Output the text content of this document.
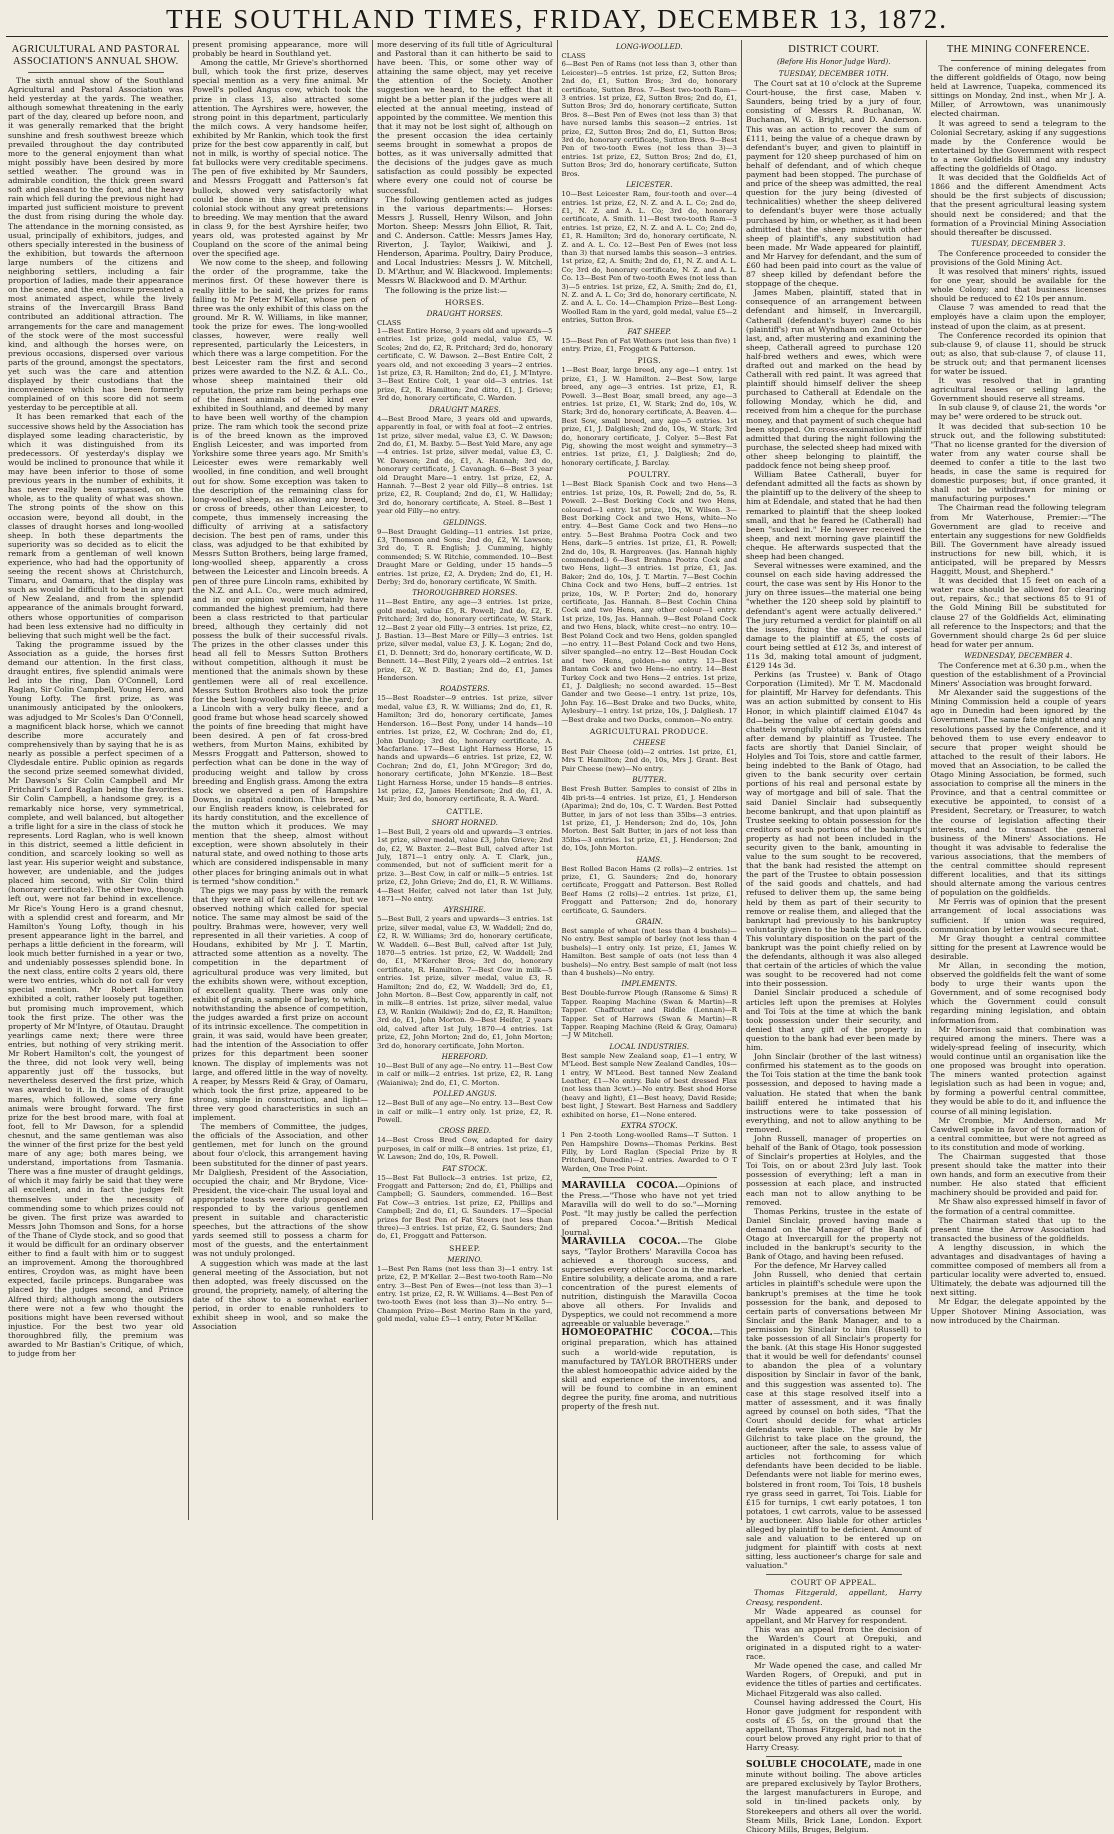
THE SOUTHLAND TIMES, FRIDAY, DECEMBER 13, 1872.
AGRICULTURAL AND PASTORAL ASSOCIATION'S ANNUAL SHOW.

The sixth annual show of the Southland Agricultural and Pastoral Association was held yesterday at the yards. The weather, although somewhat threatening in the early part of the day, cleared up before noon, and it was generally remarked that the bright sunshine and fresh southwest breeze which prevailed throughout the day contributed more to the general enjoyment than what might possibly have been desired by more settled weather. The ground was in admirable condition, the thick green sward soft and pleasant to the foot, and the heavy rain which fell during the previous night had imparted just sufficient moisture to prevent the dust from rising during the whole day. The attendance in the morning consisted, as usual, principally of exhibitors, judges, and others specially interested in the business of the exhibition, but towards the afternoon large numbers of the citizens and neighboring settlers, including a fair proportion of ladies, made their appearance on the scene, and the enclosure presented a most animated aspect, while the lively strains of the Invercargill Brass Band contributed an additional attraction. The arrangements for the care and management of the stock were of the most successful kind, and although the horses were, on previous occasions, dispersed over various parts of the ground, amongst the spectators, yet such was the care and attention displayed by their custodians that the inconvenience which has been formerly complained of on this score did not seem yesterday to be perceptible at all.

It has been remarked that each of the successive shows held by the Association has displayed some leading characteristic, by which it was distinguished from its predecessors. Of yesterday's display we would be inclined to pronounce that while it may have been inferior to those of some previous years in the number of exhibits, it has never really been surpassed, on the whole, as to the quality of what was shown. The strong points of the show on this occasion were, beyond all doubt, in the classes of draught horses and long-woolled sheep. In both these departments the superiority was so decided as to elicit the remark from a gentleman of well known experience, who had had the opportunity of seeing the recent shows at Christchurch, Timaru, and Oamaru, that the display was such as would be difficult to beat in any part of New Zealand, and from the splendid appearance of the animals brought forward, others whose opportunities of comparison had been less extensive had no difficulty in believing that such might well be the fact.

Taking the programme issued by the Association as a guide, the horses first demand our attention. In the first class, draught entires, five splendid animals were led into the ring, Dan O'Connell, Lord Raglan, Sir Colin Campbell, Young Hero, and Young Lofty. The first prize, as was unanimously anticipated by the onlookers, was adjudged to Mr Scoles's Dan O'Connell, a magnificent black horse, which we cannot describe more accurately and comprehensively than by saying that he is as nearly as possible a perfect specimen of a Clydesdale entire. Public opinion as regards the second prize seemed somewhat divided, Mr Dawson's Sir Colin Campbell and Mr Pritchard's Lord Raglan being the favorites. Sir Colin Campbell, a handsome grey, is a remarkably nice horse, very symmetrical, complete, and well balanced, but altogether a trifle light for a sire in the class of stock he represents. Lord Raglan, who is well known in this district, seemed a little deficient in condition, and scarcely looking so well as last year. His superior weight and substance, however, are undeniable, and the judges placed him second, with Sir Colin third (honorary certificate). The other two, though left out, were not far behind in excellence. Mr Rice's Young Hero is a grand chesnut, with a splendid crest and forearm, and Mr Hamilton's Young Lofty, though in his present appearance light in the barrel, and perhaps a little deficient in the forearm, will look much better furnished in a year or two, and undeniably possesses splendid bone. In the next class, entire colts 2 years old, there were two entries, which do not call for very special mention. Mr Robert Hamilton exhibited a colt, rather loosely put together, but promising much improvement, which took the first prize. The other was the property of Mr M'Intyre, of Otautau. Draught yearlings came next; there were three entries, but nothing of very striking merit. Mr Robert Hamilton's colt, the youngest of the three, did not look very well, being apparently just off the tussocks, but nevertheless deserved the first prize, which was awarded to it. In the class of draught mares, which followed, some very fine animals were brought forward. The first prize for the best brood mare, with foal at foot, fell to Mr Dawson, for a splendid chesnut, and the same gentleman was also the winner of the first prize for the best yeld mare of any age; both mares being, we understand, importations from Tasmania. There was a fine muster of draught geldings, of which it may fairly be said that they were all excellent, and in fact the judges felt themselves under the necessity of commending some to which prizes could not be given. The first prize was awarded to Messrs John Thomson and Sons, for a horse of the Thane of Clyde stock, and so good that it would be difficult for an ordinary observer either to find a fault with him or to suggest an improvement. Among the thoroughbred entires, Croydon was, as might have been expected, facile princeps. Bungarabee was placed by the judges second, and Prince Alfred third; although among the outsiders there were not a few who thought the positions might have been reversed without injustice. For the best two year old thoroughbred filly, the premium was awarded to Mr Bastian's Critique, of which, to judge from her

present promising appearance, more will probably be heard in Southland yet.

Among the cattle, Mr Grieve's shorthorned bull, which took the first prize, deserves special mention as a very fine animal. Mr Powell's polled Angus cow, which took the prize in class 13, also attracted some attention. The Ayrshires were, however, the strong point in this department, particularly the milch cows. A very handsome heifer, exhibited by Mr Rankin, which took the first prize for the best cow apparently in calf, but not in milk, is worthy of special notice. The fat bullocks were very creditable specimens. The pen of five exhibited by Mr Saunders, and Messrs Froggatt and Patterson's fat bullock, showed very satisfactorily what could be done in this way with ordinary colonial stock without any great pretensions to breeding. We may mention that the award in class 9, for the best Ayrshire heifer, two years old, was protested against by Mr Coupland on the score of the animal being over the specified age.

We now come to the sheep, and following the order of the programme, take the merinos first. Of these however there is really little to be said, the prizes for rams falling to Mr Peter M'Kellar, whose pen of three was the only exhibit of this class on the ground. Mr R. W. Williams, in like manner, took the prize for ewes. The long-woolled classes, however, were really well represented, particularly the Leicesters, in which there was a large competition. For the best Leicester ram the first and second prizes were awarded to the N.Z. & A.L. Co., whose sheep maintained their old reputation, the prize ram being perhaps one of the finest animals of the kind ever exhibited in Southland, and deemed by many to have been well worthy of the champion prize. The ram which took the second prize is of the breed known as the improved English Leicester, and was imported from Yorkshire some three years ago. Mr Smith's Leicester ewes were remarkably well woolled, in fine condition, and well brought out for show. Some exception was taken to the description of the remaining class for long-woolled sheep, as allowing any breed, or cross of breeds, other than Leicester, to compete, thus immensely increasing the difficulty of arriving at a satisfactory decision. The best pen of rams, under this class, was adjudged to be that exhibited by Messrs Sutton Brothers, being large framed, long-woolled sheep, apparently a cross between the Leicester and Lincoln breeds. A pen of three pure Lincoln rams, exhibited by the N.Z. and A.L. Co., were much admired, and in our opinion would certainly have commanded the highest premium, had there been a class restricted to that particular breed, although they certainly did not possess the bulk of their successful rivals. The prizes in the other classes under this head all fell to Messrs Sutton Brothers without competition, although it must be mentioned that the animals shown by these gentlemen were all of real excellence. Messrs Sutton Brothers also took the prize for the best long-woolled ram in the yard; for a Lincoln with a very bulky fleece, and a good frame but whose head scarcely showed the points of fine breeding that might have been desired. A pen of fat cross-bred wethers, from Murton Mains, exhibited by Messrs Froggatt and Patterson, showed to perfection what can be done in the way of producing weight and tallow by cross breeding and English grass. Among the extra stock we observed a pen of Hampshire Downs, in capital condition. This breed, as our English readers know, is celebrated for its hardy constitution, and the excellence of the mutton which it produces. We may mention that the sheep, almost without exception, were shown absolutely in their natural state, and owed nothing to those arts which are considered indispensable in many other places for bringing animals out in what is termed "show condition."

The pigs we may pass by with the remark that they were all of fair excellence, but we observed nothing which called for special notice. The same may almost be said of the poultry. Brahmas were, however, very well represented in all their varieties. A coop of Houdans, exhibited by Mr J. T. Martin, attracted some attention as a novelty. The competition in the department of agricultural produce was very limited, but the exhibits shown were, without exception, of excellent quality. There was only one exhibit of grain, a sample of barley, to which, notwithstanding the absence of competition, the judges awarded a first prize on account of its intrinsic excellence. The competition in grain, it was said, would have been greater, had the intention of the Association to offer prizes for this department been sooner known. The display of implements was not large, and offered little in the way of novelty. A reaper, by Messrs Reid & Gray, of Oamaru, which took the first prize, appeared to be strong, simple in construction, and light—three very good characteristics in such an implement.

The members of Committee, the judges, the officials of the Association, and other gentlemen, met for lunch on the ground about four o'clock, this arrangement having been substituted for the dinner of past years. Mr Dalgliesh, President of the Association, occupied the chair, and Mr Brydone, Vice-President, the vice-chair. The usual loyal and appropriate toasts were duly proposed and responded to by the various gentlemen present in suitable and characteristic speeches, but the attractions of the show yards seemed still to possess a charm for most of the guests, and the entertainment was not unduly prolonged.

A suggestion which was made at the last general meeting of the Association, but not then adopted, was freely discussed on the ground, the propriety, namely, of altering the date of the show to a somewhat earlier period, in order to enable runholders to exhibit sheep in wool, and so make the Association

more deserving of its full title of Agricultural and Pastoral than it can hitherto be said to have been. This, or some other way of attaining the same object, may yet receive the attention of the Society. Another suggestion we heard, to the effect that it might be a better plan if the judges were all elected at the annual meeting, instead of appointed by the committee. We mention this that it may not be lost sight of, although on the present occasion the idea certainly seems brought in somewhat a propos de bottes, as it was universally admitted that the decisions of the judges gave as much satisfaction as could possibly be expected where every one could not of course be successful.

The following gentlemen acted as judges in the various departments:— Horses: Messrs J. Russell, Henry Wilson, and John Morton. Sheep: Messrs John Elliot, R. Tait, and C. Anderson. Cattle: Messrs James Hay, Riverton, J. Taylor, Waikiwi, and J. Henderson, Aparima. Poultry, Dairy Produce, and Local Industries: Messrs J. W. Mitchell, D. M'Arthur, and W. Blackwood. Implements: Messrs W. Blackwood and D. M'Arthur.

The following is the prize list:—

HORSES.
DRAUGHT HORSES.

CLASS

1—Best Entire Horse, 3 years old and upwards—5 entries. 1st prize, gold medal, value £5, W. Scoles; 2nd do, £2, R. Pritchard; 3rd do, honorary certificate, C. W. Dawson. 2—Best Entire Colt, 2 years old, and not exceeding 3 years—2 entries. 1st prize, £3, R. Hamilton; 2nd do, £1, J. M'Intyre. 3—Best Entire Colt, 1 year old—3 entries. 1st prize, £2, R. Hamilton; 2nd ditto, £1, J. Grieve; 3rd do, honorary certificate, C. Warden.

DRAUGHT MARES.

4—Best Brood Mare, 3 years old and upwards, apparently in foal, or with foal at foot—2 entries. 1st prize, silver medal, value £3, C. W. Dawson; 2nd do, £1, M. Baxby. 5—Best Yeld Mare, any age—4 entries. 1st prize, silver medal, value £3, C. W. Dawson; 2nd do, £1, A. Hannah; 3rd do, honorary certificate, J. Cavanagh. 6—Best 3 year old Draught Mare—1 entry. 1st prize, £2, A. Hannah. 7—Best 2 year old Filly—8 entries. 1st prize, £2, R. Coupland; 2nd do, £1, W. Halliday; 3rd do, honorary certificate, A. Steel. 8—Best 1 year old Filly—no entry.

GELDINGS.

9—Best Draught Gelding—11 entries. 1st prize, £3, Thomson and Sons; 2nd do, £2, W. Lawson; 3rd do, T. R. English; J. Cumming, highly commended; S. W. Ritchie, commended. 10—Best Draught Mare or Gelding, under 15 hands—5 entries. 1st prize, £2, A. Dryden; 2nd do, £1, H. Derby; 3rd do, honorary certificate, W. Smith.

THOROUGHBRED HORSES.

11—Best Entire, any age—3 entries. 1st prize, gold medal, value £5, R. Powell; 2nd do, £2, E. Pritchard; 3rd do, honorary certificate, W. Stark. 12—Best 2 year old Filly—3 entries. 1st prize, £2, J. Bastian. 13—Best Mare or Filly—3 entries. 1st prize, silver medal, value £3, J. K. Logan; 2nd do, £1, D. Dennett; 3rd do, honorary certificate, W. D. Bennett. 14—Best Filly, 2 years old—2 entries. 1st prize, £2, W. D. Bastian; 2nd do, £1, James Henderson.

ROADSTERS.

15—Best Roadster—9 entries. 1st prize, silver medal, value £3, R. W. Williams; 2nd do, £1, R. Hamilton; 3rd do, honorary certificate, James Henderson. 16—Best Pony, under 14 hands—10 entries. 1st prize, £2, W. Cochran; 2nd do, £1, John Dunlop; 3rd do, honorary certificate, A. Macfarlane. 17—Best Light Harness Horse, 15 hands and upwards—6 entries. 1st prize, £2, W. Cochran; 2nd do, £1, John M'Gregor; 3rd do, honorary certificate, John M'Kenzie. 18—Best Light Harness Horse, under 15 hands—8 entries. 1st prize, £2, James Henderson; 2nd do, £1, A. Muir; 3rd do, honorary certificate, R. A. Ward.

CATTLE.
SHORT HORNED.

1—Best Bull, 2 years old and upwards—3 entries. 1st prize, silver medal, value £3, John Grieve; 2nd do, £2, W. Baxter. 2—Best Bull, calved after 1st July, 1871—1 entry only. A. T. Clark, jun., commended, but not of sufficient merit for a prize. 3—Best Cow, in calf or milk—5 entries. 1st prize, £2, John Grieve; 2nd do, £1, R. W. Williams. 4—Best Heifer, calved not later than 1st July, 1871—No entry.

AYRSHIRE.

5—Best Bull, 2 years and upwards—3 entries. 1st prize, silver medal, value £3, W. Waddell; 2nd do, £2, R. W. Williams; 3rd do, honorary certificate, W. Waddell. 6—Best Bull, calved after 1st July, 1870—5 entries. 1st prize, £2, W. Waddell; 2nd do, £1, M'Kercher Bros; 3rd do, honorary certificate, R. Hamilton. 7—Best Cow in milk—5 entries. 1st prize, silver medal, value £3, R. Hamilton; 2nd do, £2, W. Waddell; 3rd do, £1, John Morton. 8—Best Cow, apparently in calf, not in milk—8 entries. 1st prize, silver medal, value £3, W. Rankin (Waikiwi); 2nd do, £2, R. Hamilton; 3rd do, £1, John Morton. 9—Best Heifer, 2 years old, calved after 1st July, 1870—4 entries. 1st prize, £2, John Morton; 2nd do, £1, John Morton; 3rd do, honorary certificate, John Morton.

HEREFORD.

10—Best Bull of any age—No entry. 11—Best Cow in calf or milk—2 entries. 1st prize, £2, R. Lang (Waianiwa); 2nd do, £1, C. Morton.

POLLED ANGUS.

12—Best Bull of any age—No entry. 13—Best Cow in calf or milk—1 entry only. 1st prize, £2, R. Powell.

CROSS BRED.

14—Best Cross Bred Cow, adapted for dairy purposes, in calf or milk—8 entries. 1st prize, £1, W. Lawson; 2nd do, 10s, R. Powell.

FAT STOCK.

15—Best Fat Bullock—3 entries. 1st prize, £2, Froggatt and Patterson; 2nd do, £1, Phillips and Campbell; G. Saunders, commended. 16—Best Fat Cow—3 entries. 1st prize, £2, Phillips and Campbell; 2nd do, £1, G. Saunders. 17—Special prizes for Best Pen of Fat Steers (not less than three)—3 entries. 1st prize, £2, G. Saunders; 2nd do, £1, Froggatt and Patterson.

SHEEP.
MERINO.

1—Best Pen Rams (not less than 3)—1 entry. 1st prize, £2, P. M'Kellar. 2—Best two-tooth Ram—No entry. 3—Best Pen of Ewes—(not less than 3)—1 entry. 1st prize, £2, R. W. Williams. 4—Best Pen of two-tooth Ewes (not less than 3)—No entry. 5—Champion Prize—Best Merino Ram in the yard, gold medal, value £5—1 entry, Peter M'Kellar.

LONG-WOOLLED.

CLASS

6—Best Pen of Rams (not less than 3, other than Leicester)—5 entries. 1st prize, £2, Sutton Bros; 2nd do, £1, Sutton Bros; 3rd do, honorary certificate, Sutton Bros. 7—Best two-tooth Ram—3 entries. 1st prize, £2, Sutton Bros; 2nd do, £1, Sutton Bros; 3rd do, honorary certificate, Sutton Bros. 8—Best Pen of Ewes (not less than 3) that have nursed lambs this season—2 entries. 1st prize, £2, Sutton Bros; 2nd do, £1, Sutton Bros; 3rd do, honorary certificate, Sutton Bros. 9—Best Pen of two-tooth Ewes (not less than 3)—3 entries. 1st prize, £2, Sutton Bros; 2nd do, £1, Sutton Bros; 3rd do, honorary certificate, Sutton Bros.

LEICESTER.

10—Best Leicester Ram, four-tooth and over—4 entries. 1st prize, £2, N. Z. and A. L. Co; 2nd do, £1, N. Z. and A. L. Co; 3rd do, honorary certificate, A. Smith. 11—Best two-tooth Ram—3 entries. 1st prize, £2, N. Z. and A. L. Co; 2nd do, £1, R. Hamilton; 3rd do, honorary certificate, N. Z. and A. L. Co. 12—Best Pen of Ewes (not less than 3) that nursed lambs this season—3 entries. 1st prize, £2, A. Smith; 2nd do, £1, N. Z. and A. L. Co; 3rd do, honorary certificate, N. Z. and A. L. Co. 13—Best Pen of two-tooth Ewes (not less than 3)—5 entries. 1st prize, £2, A. Smith; 2nd do, £1, N. Z. and A. L. Co; 3rd do, honorary certificate, N. Z. and A. L. Co. 14—Champion Prize—Best Long-Woolled Ram in the yard, gold medal, value £5—2 entries, Sutton Bros.

FAT SHEEP.

15—Best Pen of Fat Wethers (not less than five) 1 entry. Prize, £1, Froggatt & Patterson.

PIGS.

1—Best Boar, large breed, any age—1 entry. 1st prize, £1, J. W. Hamilton. 2—Best Sow, large breed, any age—3 entries. 1st prize, £1, R. Powell. 3—Best Boar, small breed, any age—3 entries. 1st prize, £1, W. Stark; 2nd do, 10s, W. Stark; 3rd do, honorary certificate, A. Beaven. 4—Best Sow, small breed, any age—5 entries. 1st prize, £1, J. Dalgliesh; 2nd do, 10s, W. Stark; 3rd do, honorary certificate, J. Colyer. 5—Best Fat Pig, showing the most weight and symmetry—3 entries. 1st prize, £1, J. Dalgliesh; 2nd do, honorary certificate, J. Barclay.

POULTRY.

1—Best Black Spanish Cock and two Hens—3 entries. 1st prize, 10s, R. Powell; 2nd do, 5s, R. Powell. 2—Best Dorking Cock and two Hens, coloured—1 entry. 1st prize, 10s, W. Wilson. 3—Best Dorking Cock and two Hens, white—No entry. 4—Best Game Cock and two Hens—no entry. 5—Best Brahma Pootra Cock and two Hens, dark—5 entries. 1st prize, £1, R. Powell; 2nd do, 10s, R. Hargreaves. (Jas. Hannah highly commended.) 6—Best Brahma Pootra Cock and two Hens, light—3 entries. 1st prize, £1, Jas. Baker; 2nd do, 10s, J. T. Martin. 7—Best Cochin China Cock and two Hens, buff—2 entries. 1st prize, 10s, W. P. Porter; 2nd do, honorary certificate, Jas. Hannah. 8—Best Cochin China Cock and two Hens, any other colour—1 entry. 1st prize, 10s, Jas. Hannah. 9—Best Poland Cock and two Hens, black, white crest—no entry. 10—Best Poland Cock and two Hens, golden spangled—no entry. 11—Best Poland Cock and two Hens, silver spangled—no entry. 12—Best Houdan Cock and two Hens, golden—no entry. 13—Best Bantam Cock and two Hens—no entry. 14—Best Turkey Cock and two Hens—2 entries. 1st prize, £1, J. Dalgliesh; no second awarded. 15—Best Gander and two Geese—1 entry. 1st prize, 10s, John Fay. 16—Best Drake and two Ducks, white, Aylesbury—1 entry. 1st prize, 10s, J. Dalgliesh. 17—Best drake and two Ducks, common—No entry.

AGRICULTURAL PRODUCE.
CHEESE

Best Pair Cheese (old)—2 entries. 1st prize, £1, Mrs T. Hamilton; 2nd do, 10s, Mrs J. Grant. Best Pair Cheese (new)—No entry.

BUTTER.

Best Fresh Butter. Samples to consist of 2lbs in 4lb pri-ts—4 entries. 1st prize, £1, J. Henderson (Aparima); 2nd do, 10s, C. T. Warden. Best Potted Butter, in jars of not less than 35lbs—3 entries. 1st prize, £1, J. Henderson; 2nd do, 10s, John Morton. Best Salt Butter, in jars of not less than 35lbs—3 entries. 1st prize, £1, J. Henderson; 2nd do, 10s, John Morton.

HAMS.

Best Rolled Bacon Hams (2 rolls)—2 entries. 1st prize, £1, G. Saunders; 2nd do, honorary certificate, Froggatt and Patterson. Best Rolled Beef Hams (2 rolls)—2 entries. 1st prize, £1, Froggatt and Patterson; 2nd do, honorary certificate, G. Saunders.

GRAIN.

Best sample of wheat (not less than 4 bushels)—No entry. Best sample of barley (not less than 4 bushels)—1 entry only. 1st prize, £1, James W. Hamilton. Best sample of oats (not less than 4 bushels)—No entry. Best sample of malt (not less than 4 bushels)—No entry.

IMPLEMENTS.

Best Double-furrow Plough (Ransome & Sims) R Tapper. Reaping Machine (Swan & Martin)—R Tapper. Chaffcutter and Riddle (Lennan)—R Tapper. Set of Harrows (Swan & Martin)—R Tapper. Reaping Machine (Reid & Gray, Oamaru)—J W Mitchell.

LOCAL INDUSTRIES.

Best sample New Zealand soap, £1—1 entry, W M'Leod. Best sample New Zealand Candles, 10s—1 entry, W M'Leod. Best tanned New Zealand Leather, £1—No entry. Bale of best dressed Flax (not less than 3cwt.)—No entry. Best shod Horse (heavy and light), £1—Best heavy, David Reside; best light, J Stewart. Best Harness and Saddlery exhibited on horse, £1—None entered.

EXTRA STOCK.

1 Pen 2-tooth Long-woolled Rams—T Sutton. 1 Pen Hampshire Downs—Thomas Perkins. Best Filly, by Lord Raglan (Special Prize by R Pritchard, Dunedin)—2 entries. Awarded to O T Warden, One Tree Point.

MARAVILLA COCOA.—Opinions of the Press.—"Those who have not yet tried Maravilla will do well to do so."—Morning Post. "It may justly be called the perfection of prepared Cocoa."—British Medical Journal.

MARAVILLA COCOA.—The Globe says, "Taylor Brothers' Maravilla Cocoa has achieved a thorough success, and supersedes every other Cocoa in the market. Entire solubility, a delicate aroma, and a rare concentration of the purest elements of nutrition, distinguish the Maravilla Cocoa above all others. For Invalids and Dyspeptics, we could not recommend a more agreeable or valuable beverage."

HOMOEOPATHIC COCOA.—This original preparation, which has attained such a world-wide reputation, is manufactured by TAYLOR BROTHERS under the ablest homoeopathic advice aided by the skill and experience of the inventors, and will be found to combine in an eminent degree the purity, fine aroma, and nutritious property of the fresh nut.

DISTRICT COURT.
(Before His Honor Judge Ward).
TUESDAY, DECEMBER 10TH.

The Court sat at 10 o'clock at the Supreme Court-house, the first case, Maben v. Saunders, being tried by a jury of four, consisting of Messrs R. Buchanan, W. Buchanan, W. G. Bright, and D. Anderson. This was an action to recover the sum of £111, being the value of a cheque drawn by defendant's buyer, and given to plaintiff in payment for 120 sheep purchased of him on behalf of defendant, and of which cheque payment had been stopped. The purchase of and price of the sheep was admitted, the real question for the jury being (divested of technicalities) whether the sheep delivered to defendant's buyer were those actually purchased by him, or whether, as it had been admitted that the sheep mixed with other sheep of plaintiff's, any substitution had been made. Mr Wade appeared for plaintiff, and Mr Harvey for defendant, and the sum of £60 had been paid into court as the value of 87 sheep killed by defendant before the stoppage of the cheque.

James Maben, plaintiff, stated that in consequence of an arrangement between defendant and himself, in Invercargill, Catherall (defendant's buyer) came to his (plaintiff's) run at Wyndham on 2nd October last, and, after mustering and examining the sheep, Catherall agreed to purchase 120 half-bred wethers and ewes, which were drafted out and marked on the head by Catherall with red paint. It was agreed that plaintiff should himself deliver the sheep purchased to Catherall at Edendale on the following Monday, which he did, and received from him a cheque for the purchase money, and that payment of such cheque had been stopped. On cross-examination plaintiff admitted that during the night following the purchase, the selected sheep had mixed with other sheep belonging to plaintiff, the paddock fence not being sheep proof.

William Batee Catherall, buyer for defendant admitted all the facts as shown by the plaintiff up to the delivery of the sheep to him at Edendale, and stated that he had then remarked to plaintiff that the sheep looked small, and that he feared he (Catherall) had been "sucked in." He however received the sheep, and next morning gave plaintiff the cheque. He afterwards suspected that the sheep had been changed.

Several witnesses were examined, and the counsel on each side having addressed the court, the case was sent by His Honor to the jury on three issues—the material one being "whether the 120 sheep sold by plaintiff to defendant's agent were actually delivered." The jury returned a verdict for plaintiff on all the issues, fixing the amount of special damage to the plaintiff at £5, the costs of court being settled at £12 3s, and interest of 11s 3d, making total amount of judgment, £129 14s 3d.

Perkins (as Trustee) v. Bank of Otago Corporation (Limited). Mr T. M. Macdonald for plaintiff, Mr Harvey for defendants. This was an action submitted by consent to His Honor, in which plaintiff claimed £1047 4s 8d—being the value of certain goods and chattels wrongfully obtained by defendants after demand by plaintiff as Trustee. The facts are shortly that Daniel Sinclair, of Holyles and Toi Tois, store and cattle farmer, being indebted to the Bank of Otago, had given to the bank security over certain portions of his real and personal estate by way of mortgage and bill of sale. That the said Daniel Sinclair had subsequently become bankrupt, and that upon plaintiff as Trustee seeking to obtain possession for the creditors of such portions of the bankrupt's property as had not been included in the security given to the bank, amounting in value to the sum sought to be recovered, that the bank had resisted the attempt on the part of the Trustee to obtain possession of the said goods and chattels, and had refused to deliver them up, the same being held by them as part of their security to remove or realise them, and alleged that the bankrupt had previously to his bankruptcy voluntarily given to the bank the said goods. This voluntary disposition on the part of the bankrupt was the point chiefly relied on by the defendants, although it was also alleged that certain of the articles of which the value was sought to be recovered had not come into their possession.

Daniel Sinclair produced a schedule of articles left upon the premises at Holyles and Toi Tois at the time at which the bank took possession under their security, and denied that any gift of the property in question to the bank had ever been made by him.

John Sinclair (brother of the last witness) confirmed his statement as to the goods on the Toi Tois station at the time the bank took possession, and deposed to having made a valuation. He stated that when the bank bailiff entered he intimated that his instructions were to take possession of everything, and not to allow anything to be removed.

John Russell, manager of properties on behalf of the Bank of Otago, took possession of Sinclair's properties at Holyles, and the Toi Tois, on or about 23rd July last. Took possession of everything; left a man in possession at each place, and instructed each man not to allow anything to be removed.

Thomas Perkins, trustee in the estate of Daniel Sinclair, proved having made a demand on the Manager of the Bank of Otago at Invercargill for the property not included in the bankrupt's security to the Bank of Otago, and having been refused.

For the defence, Mr Harvey called

John Russell, who denied that certain articles in plaintiff's schedule were upon the bankrupt's premises at the time he took possession for the bank, and deposed to certain parts of conversations between Mr Sinclair and the Bank Manager, and to a permission by Sinclair to him (Russell) to take possession of all Sinclair's property for the bank. (At this stage His Honor suggested that it would be well for defendants' counsel to abandon the plea of a voluntary disposition by Sinclair in favor of the bank, and this suggestion was assented to). The case at this stage resolved itself into a matter of assessment, and it was finally agreed by counsel on both sides, "That the Court should decide for what articles defendants were liable. The sale by Mr Gilchrist to take place on the ground, the auctioneer, after the sale, to assess value of articles not forthcoming for which defendants have been decided to be liable. Defendants were not liable for merino ewes, bolstered in front room, Toi Tois, 18 bushels rye grass seed in garret, Toi Tois. Liable for £15 for turnips, 1 cwt early potatoes, 1 ton potatoes, 1 cwt carrots, value to be assessed by auctioneer. Also liable for other articles alleged by plaintiff to be deficient. Amount of sale and valuation to be entered up on judgment for plaintiff with costs at next sitting, less auctioneer's charge for sale and valuation."

COURT OF APPEAL.

Thomas Fitzgerald, appellant, Harry Creasy, respondent.

Mr Wade appeared as counsel for appellant, and Mr Harvey for respondent.

This was an appeal from the decision of the Warden's Court at Orepuki, and originated in a disputed right to a water-race.

Mr Wade opened the case, and called Mr Warden Rogers, of Orepuki, and put in evidence the titles of parties and certificates. Michael Fitzgerald was also called.

Counsel having addressed the Court, His Honor gave judgment for respondent with costs of £5 5s, on the ground that the appellant, Thomas Fitzgerald, had not in the court below proved any right prior to that of Harry Creasy.

SOLUBLE CHOCOLATE, made in one minute without boiling. The above articles are prepared exclusively by Taylor Brothers, the largest manufacturers in Europe, and sold in tin-lined packets only, by Storekeepers and others all over the world. Steam Mills, Brick Lane, London. Export Chicory Mills, Bruges, Belgium.

THE MINING CONFERENCE.

The conference of mining delegates from the different goldfields of Otago, now being held at Lawrence, Tuapeka, commenced its sittings on Monday, 2nd inst., when Mr J. A. Miller, of Arrowtown, was unanimously elected chairman.

It was agreed to send a telegram to the Colonial Secretary, asking if any suggestions made by the Conference would be entertained by the Government with respect to a new Goldfields Bill and any industry affecting the goldfields of Otago.

It was decided that the Goldfields Act of 1866 and the different Amendment Acts should be the first subjects of discussion; that the present agricultural leasing system should next be considered; and that the formation of a Provincial Mining Association should thereafter be discussed.

TUESDAY, DECEMBER 3.

The Conference proceeded to consider the provisions of the Gold Mining Act.

It was resolved that miners' rights, issued for one year, should be available for the whole Colony; and that business licenses should be reduced to £2 10s per annum.

Clause 7 was amended to read that the employés have a claim upon the employer, instead of upon the claim, as at present.

The Conference recorded its opinion that sub-clause 9, of clause 11, should be struck out; as also, that sub-clause 7, of clause 11, be struck out; and that permanent licenses for water be issued.

It was resolved that in granting agricultural leases or selling land, the Government should reserve all streams.

In sub clause 9, of clause 21, the words "or may be" were ordered to be struck out.

It was decided that sub-section 10 be struck out, and the following substituted: "That no license granted for the diversion of water from any water course shall be deemed to confer a title to the last two heads, in case the same is required for domestic purposes; but, if once granted, it shall not be withdrawn for mining or manufacturing purposes."

The Chairman read the following telegram from Mr Waterhouse, Premier:—"The Government are glad to receive and entertain any suggestions for new Goldfields Bill. The Government have already issued instructions for new bill, which, it is anticipated, will be prepared by Messrs Haggitt, Moust, and Shepherd."

It was decided that 15 feet on each of a water race should be allowed for clearing out, repairs, &c.; that sections 85 to 91 of the Gold Mining Bill be substituted for clause 27 of the Goldfields Act, eliminating all reference to the Inspectors; and that the Government should charge 2s 6d per sluice head for water per annum.

WEDNESDAY, DECEMBER 4.

The Conference met at 6.30 p.m., when the question of the establishment of a Provincial Miners' Association was brought forward.

Mr Alexander said the suggestions of the Mining Commission held a couple of years ago in Dunedin had been ignored by the Government. The same fate might attend any resolutions passed by the Conference, and it behoved them to use every endeavor to secure that proper weight should be attached to the result of their labors. He moved that an Association, to be called the Otago Mining Association, be formed, such association to comprise all the miners in the Province, and that a central committee or executive be appointed, to consist of a President, Secretary, or Treasurer, to watch the course of legislation affecting their interests, and to transact the general business of the Miners' Associations. He thought it was advisable to federalise the various associations, that the members of the central committee should represent different localities, and that its sittings should alternate among the various centres of population on the goldfields.

Mr Ferris was of opinion that the present arrangement of local associations was sufficient. If union was required, communication by letter would secure that.

Mr Gray thought a central committee sitting for the present at Lawrence would be desirable.

Mr Allan, in seconding the motion, observed the goldfields felt the want of some body to urge their wants upon the Government, and of some recognised body which the Government could consult regarding mining legislation, and obtain information from.

Mr Morrison said that combination was required among the miners. There was a widely-spread feeling of insecurity, which would continue until an organisation like the one proposed was brought into operation. The miners wanted protection against legislation such as had been in vogue; and, by forming a powerful central committee, they would be able to do it, and influence the course of all mining legislation.

Mr Crombie, Mr Anderson, and Mr Cawdwell spoke in favor of the formation of a central committee, but were not agreed as to its constitution and mode of working.

The Chairman suggested that those present should take the matter into their own hands, and form an executive from their number. He also stated that efficient machinery should be provided and paid for.

Mr Shaw also expressed himself in favor of the formation of a central committee.

The Chairman stated that up to the present time the Arrow Association had transacted the business of the goldfields.

A lengthy discussion, in which the advantages and disadvantages of having a committee composed of members all from a particular locality were adverted to, ensued. Ultimately, the debate was adjourned till the next sitting.

Mr Edgar, the delegate appointed by the Upper Shotover Mining Association, was now introduced by the Chairman.
